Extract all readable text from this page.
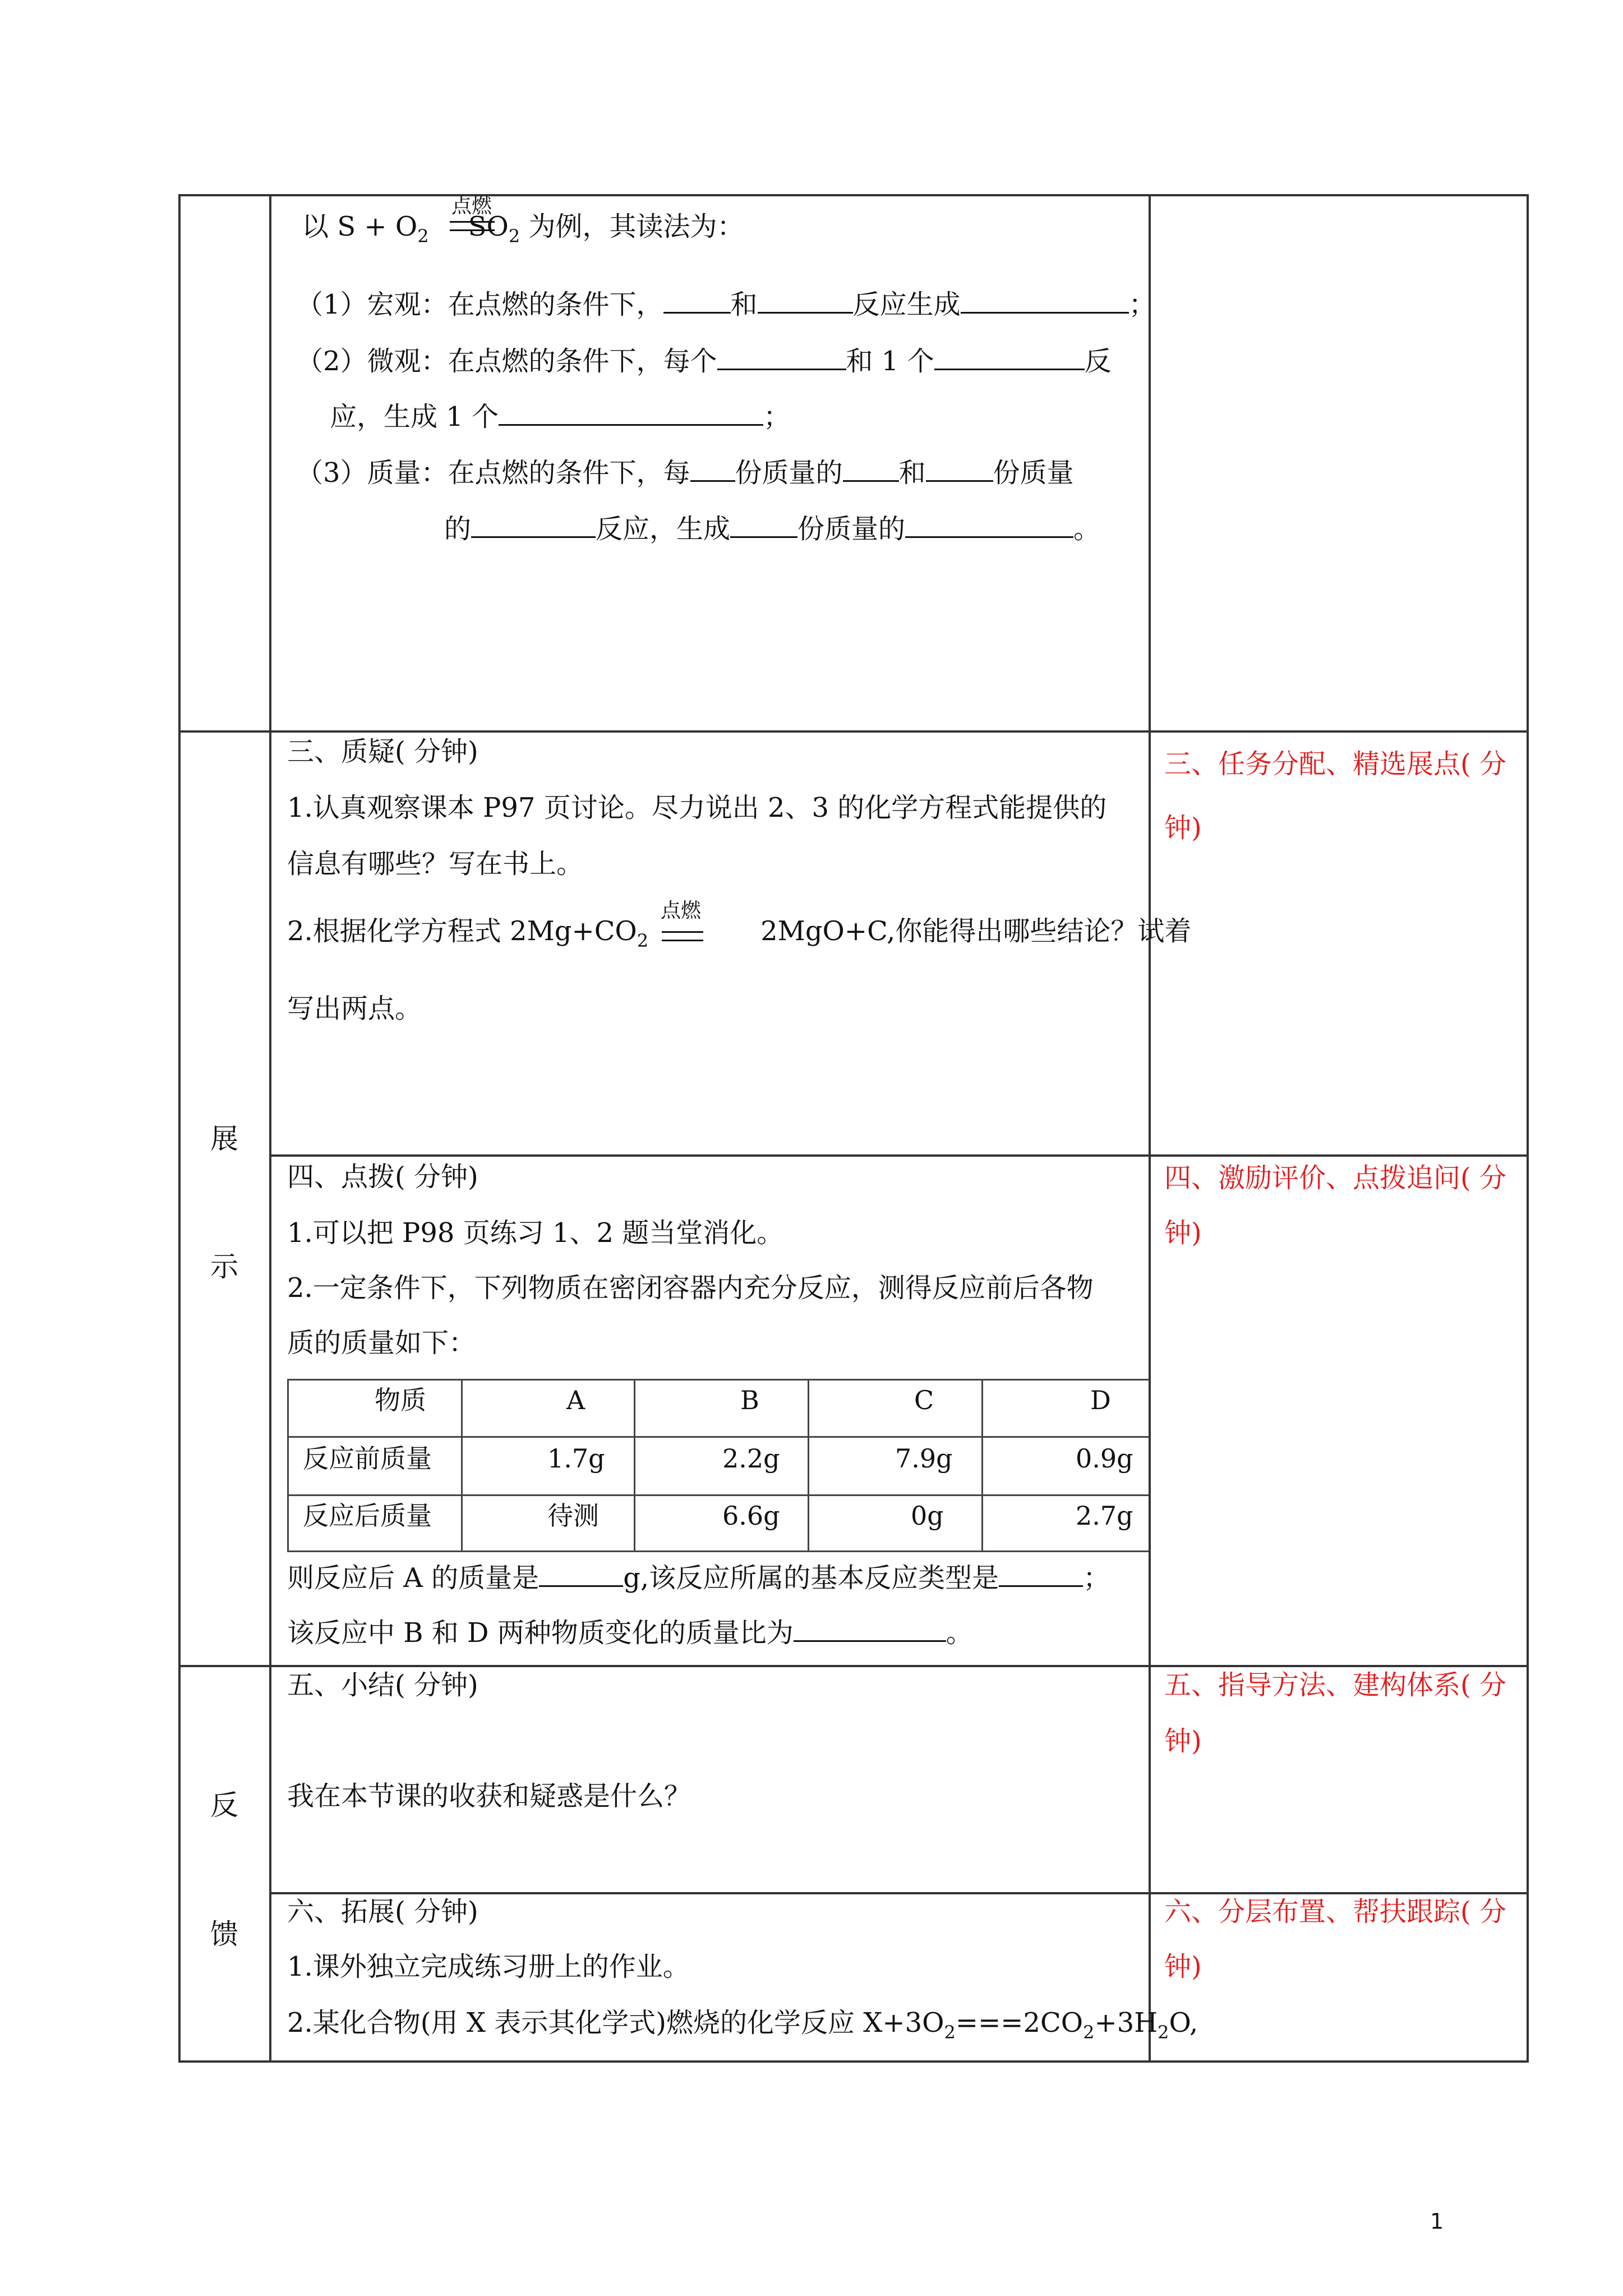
以 $S + O_2$ $SO_2$ 为例，其读法为：
点燃
（1）宏观：在点燃的条件下，	和	反应生成	；
（2）微观：在点燃的条件下，每个	和 1 个	反
应，生成 1 个	；
（3）质量：在点燃的条件下，每 份质量的 和	份质量
的	反应，生成	份质量的	。
展
示
反
馈
三、质疑( 分钟)
1.认真观察课本 P97 页讨论。尽力说出 2、3 的化学方程式能提供的
信息有哪些？写在书上。
2.根据化学方程式 $2Mg+CO_2$	2MgO+C,你能得出哪些结论？试着
点燃
写出两点。
三、任务分配、精选展点( 分
钟)
四、点拨( 分钟)
1.可以把 P98 页练习 1、2 题当堂消化。
2.一定条件下，下列物质在密闭容器内充分反应，测得反应前后各物
质的质量如下：
物质	A	B	C	D
反应前质量	1.7g	2.2g	7.9g	0.9g
反应后质量	待测	6.6g	0g	2.7g
则反应后 A 的质量是	g,该反应所属的基本反应类型是	；
该反应中 B 和 D 两种物质变化的质量比为	。
四、激励评价、点拨追问( 分
钟)
五、小结( 分钟)
我在本节课的收获和疑惑是什么？
五、指导方法、建构体系( 分
钟)
六、拓展( 分钟)
1.课外独立完成练习册上的作业。
2.某化合物(用 X 表示其化学式)燃烧的化学反应 $X+3O_2===2CO_2+3H_2O$,
六、分层布置、帮扶跟踪( 分
钟)
1
